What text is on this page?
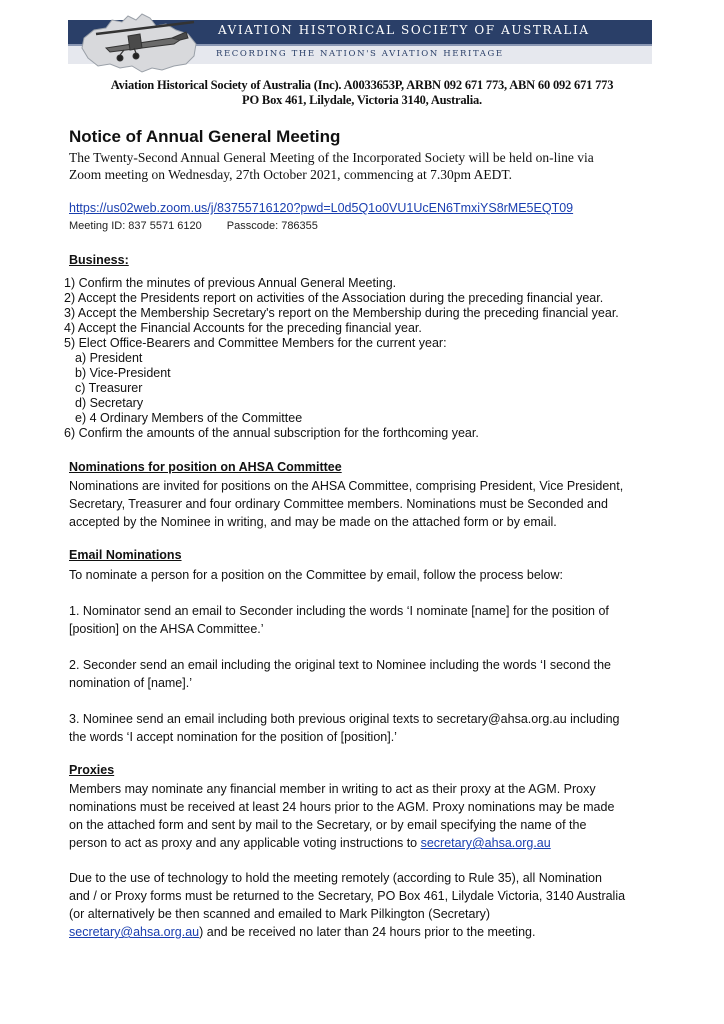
AVIATION HISTORICAL SOCIETY OF AUSTRALIA
RECORDING THE NATION'S AVIATION HERITAGE
Aviation Historical Society of Australia (Inc). A0033653P, ARBN 092 671 773, ABN 60 092 671 773
PO Box 461, Lilydale, Victoria 3140, Australia.
Notice of Annual General Meeting
The Twenty-Second Annual General Meeting of the Incorporated Society will be held on-line via
Zoom meeting on Wednesday, 27th October 2021, commencing at 7.30pm AEDT.
https://us02web.zoom.us/j/83755716120?pwd=L0d5Q1o0VU1UcEN6TmxiYS8rME5EQT09
Meeting ID: 837 5571 6120 Passcode: 786355
Business:
1) Confirm the minutes of previous Annual General Meeting.
2) Accept the Presidents report on activities of the Association during the preceding financial year.
3) Accept the Membership Secretary's report on the Membership during the preceding financial year.
4) Accept the Financial Accounts for the preceding financial year.
5) Elect Office-Bearers and Committee Members for the current year:
a) President
b) Vice-President
c) Treasurer
d) Secretary
e) 4 Ordinary Members of the Committee
6) Confirm the amounts of the annual subscription for the forthcoming year.
Nominations for position on AHSA Committee
Nominations are invited for positions on the AHSA Committee, comprising President, Vice President,
Secretary, Treasurer and four ordinary Committee members. Nominations must be Seconded and
accepted by the Nominee in writing, and may be made on the attached form or by email.
Email Nominations
To nominate a person for a position on the Committee by email, follow the process below:
1. Nominator send an email to Seconder including the words ‘I nominate [name] for the position of
[position] on the AHSA Committee.’
2. Seconder send an email including the original text to Nominee including the words ‘I second the
nomination of [name].’
3. Nominee send an email including both previous original texts to secretary@ahsa.org.au including
the words ‘I accept nomination for the position of [position].’
Proxies
Members may nominate any financial member in writing to act as their proxy at the AGM. Proxy
nominations must be received at least 24 hours prior to the AGM. Proxy nominations may be made
on the attached form and sent by mail to the Secretary, or by email specifying the name of the
person to act as proxy and any applicable voting instructions to secretary@ahsa.org.au
Due to the use of technology to hold the meeting remotely (according to Rule 35), all Nomination
and / or Proxy forms must be returned to the Secretary, PO Box 461, Lilydale Victoria, 3140 Australia
(or alternatively be then scanned and emailed to Mark Pilkington (Secretary)
secretary@ahsa.org.au) and be received no later than 24 hours prior to the meeting.
